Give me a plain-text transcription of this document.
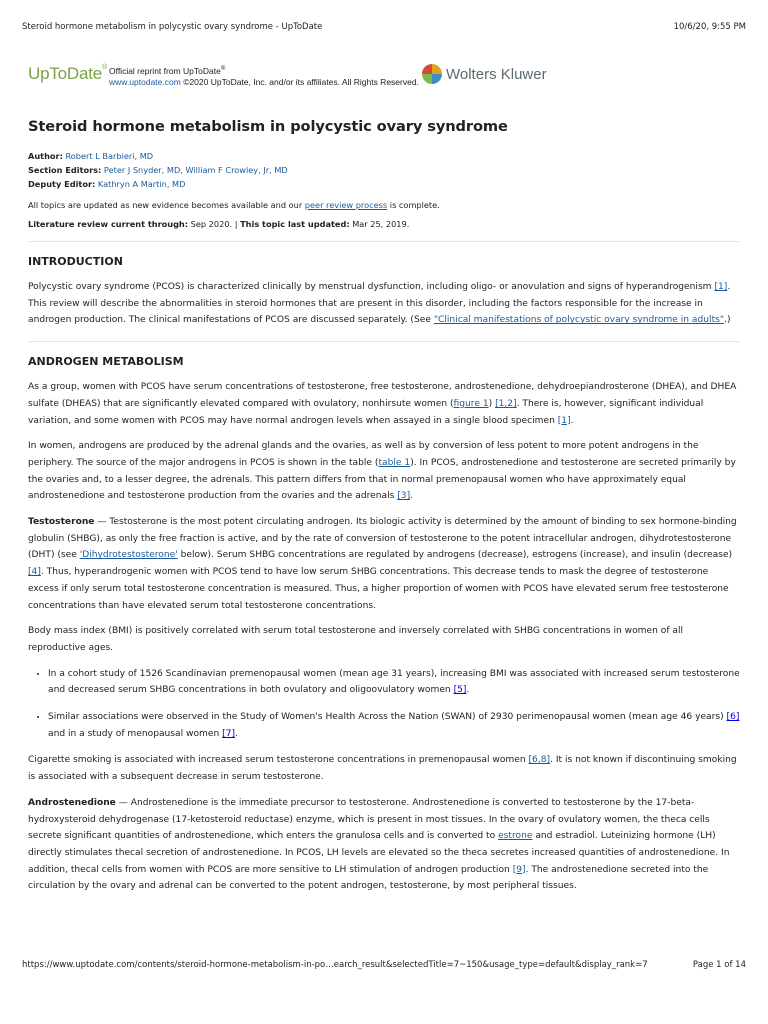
Steroid hormone metabolism in polycystic ovary syndrome - UpToDate	10/6/20, 9:55 PM
UpToDate® Official reprint from UpToDate®
www.uptodate.com ©2020 UpToDate, Inc. and/or its affiliates. All Rights Reserved. Wolters Kluwer
Steroid hormone metabolism in polycystic ovary syndrome
Author: Robert L Barbieri, MD
Section Editors: Peter J Snyder, MD, William F Crowley, Jr, MD
Deputy Editor: Kathryn A Martin, MD
All topics are updated as new evidence becomes available and our peer review process is complete.
Literature review current through: Sep 2020. | This topic last updated: Mar 25, 2019.
INTRODUCTION

Polycystic ovary syndrome (PCOS) is characterized clinically by menstrual dysfunction, including oligo- or anovulation and signs of hyperandrogenism [1]. This review will describe the abnormalities in steroid hormones that are present in this disorder, including the factors responsible for the increase in androgen production. The clinical manifestations of PCOS are discussed separately. (See "Clinical manifestations of polycystic ovary syndrome in adults".)

ANDROGEN METABOLISM

As a group, women with PCOS have serum concentrations of testosterone, free testosterone, androstenedione, dehydroepiandrosterone (DHEA), and DHEA sulfate (DHEAS) that are significantly elevated compared with ovulatory, nonhirsute women (figure 1) [1,2]. There is, however, significant individual variation, and some women with PCOS may have normal androgen levels when assayed in a single blood specimen [1].

In women, androgens are produced by the adrenal glands and the ovaries, as well as by conversion of less potent to more potent androgens in the periphery. The source of the major androgens in PCOS is shown in the table (table 1). In PCOS, androstenedione and testosterone are secreted primarily by the ovaries and, to a lesser degree, the adrenals. This pattern differs from that in normal premenopausal women who have approximately equal androstenedione and testosterone production from the ovaries and the adrenals [3].

Testosterone — Testosterone is the most potent circulating androgen. Its biologic activity is determined by the amount of binding to sex hormone-binding globulin (SHBG), as only the free fraction is active, and by the rate of conversion of testosterone to the potent intracellular androgen, dihydrotestosterone (DHT) (see 'Dihydrotestosterone' below). Serum SHBG concentrations are regulated by androgens (decrease), estrogens (increase), and insulin (decrease) [4]. Thus, hyperandrogenic women with PCOS tend to have low serum SHBG concentrations. This decrease tends to mask the degree of testosterone excess if only serum total testosterone concentration is measured. Thus, a higher proportion of women with PCOS have elevated serum free testosterone concentrations than have elevated serum total testosterone concentrations.

Body mass index (BMI) is positively correlated with serum total testosterone and inversely correlated with SHBG concentrations in women of all reproductive ages.

• In a cohort study of 1526 Scandinavian premenopausal women (mean age 31 years), increasing BMI was associated with increased serum testosterone and decreased serum SHBG concentrations in both ovulatory and oligoovulatory women [5].
• Similar associations were observed in the Study of Women's Health Across the Nation (SWAN) of 2930 perimenopausal women (mean age 46 years) [6] and in a study of menopausal women [7].

Cigarette smoking is associated with increased serum testosterone concentrations in premenopausal women [6,8]. It is not known if discontinuing smoking is associated with a subsequent decrease in serum testosterone.

Androstenedione — Androstenedione is the immediate precursor to testosterone. Androstenedione is converted to testosterone by the 17-beta-hydroxysteroid dehydrogenase (17-ketosteroid reductase) enzyme, which is present in most tissues. In the ovary of ovulatory women, the theca cells secrete significant quantities of androstenedione, which enters the granulosa cells and is converted to estrone and estradiol. Luteinizing hormone (LH) directly stimulates thecal secretion of androstenedione. In PCOS, LH levels are elevated so the theca secretes increased quantities of androstenedione. In addition, thecal cells from women with PCOS are more sensitive to LH stimulation of androgen production [9]. The androstenedione secreted into the circulation by the ovary and adrenal can be converted to the potent androgen, testosterone, by most peripheral tissues.

https://www.uptodate.com/contents/steroid-hormone-metabolism-in-po…earch_result&selectedTitle=7~150&usage_type=default&display_rank=7	Page 1 of 14
